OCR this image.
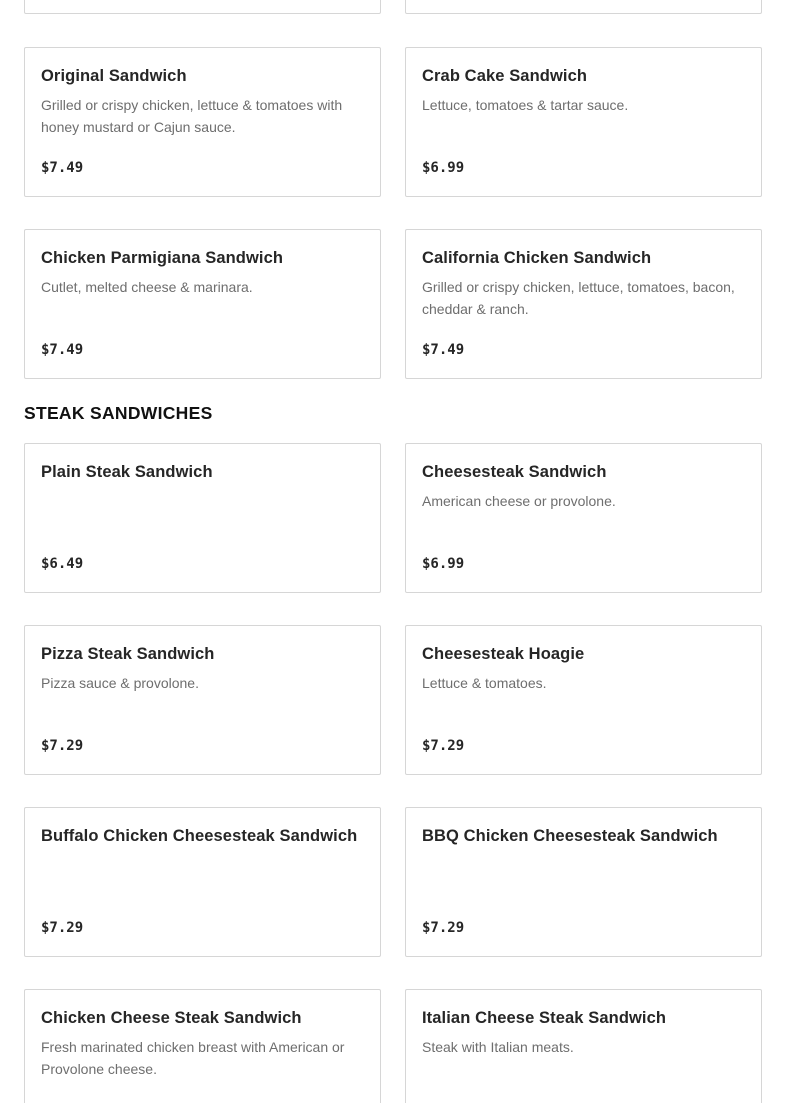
Original Sandwich
Grilled or crispy chicken, lettuce & tomatoes with honey mustard or Cajun sauce.
$7.49
Crab Cake Sandwich
Lettuce, tomatoes & tartar sauce.
$6.99
Chicken Parmigiana Sandwich
Cutlet, melted cheese & marinara.
$7.49
California Chicken Sandwich
Grilled or crispy chicken, lettuce, tomatoes, bacon, cheddar & ranch.
$7.49
STEAK SANDWICHES
Plain Steak Sandwich
$6.49
Cheesesteak Sandwich
American cheese or provolone.
$6.99
Pizza Steak Sandwich
Pizza sauce & provolone.
$7.29
Cheesesteak Hoagie
Lettuce & tomatoes.
$7.29
Buffalo Chicken Cheesesteak Sandwich
$7.29
BBQ Chicken Cheesesteak Sandwich
$7.29
Chicken Cheese Steak Sandwich
Fresh marinated chicken breast with American or Provolone cheese.
Italian Cheese Steak Sandwich
Steak with Italian meats.
